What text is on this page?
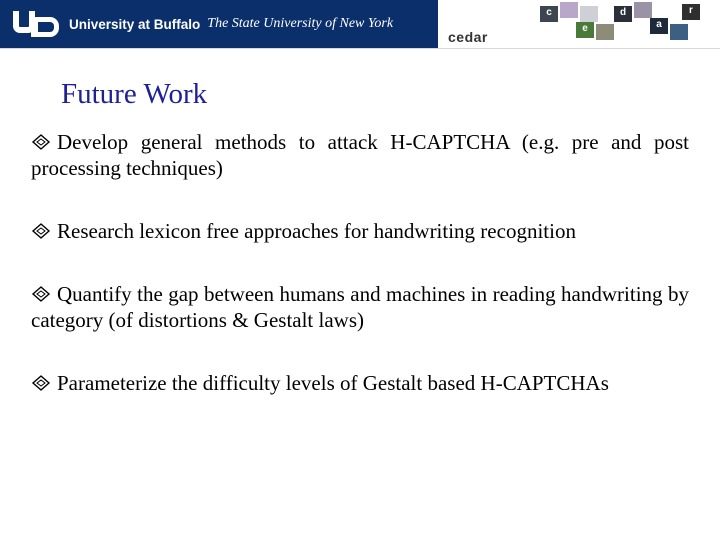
University at Buffalo The State University of New York
cedar
c
e
d
a
r
Future Work
Develop general methods to attack H-CAPTCHA (e.g. pre and post processing techniques)
Research lexicon free approaches for handwriting recognition
Quantify the gap between humans and machines in reading handwriting by category (of distortions & Gestalt laws)
Parameterize the difficulty levels of Gestalt based H-CAPTCHAs
